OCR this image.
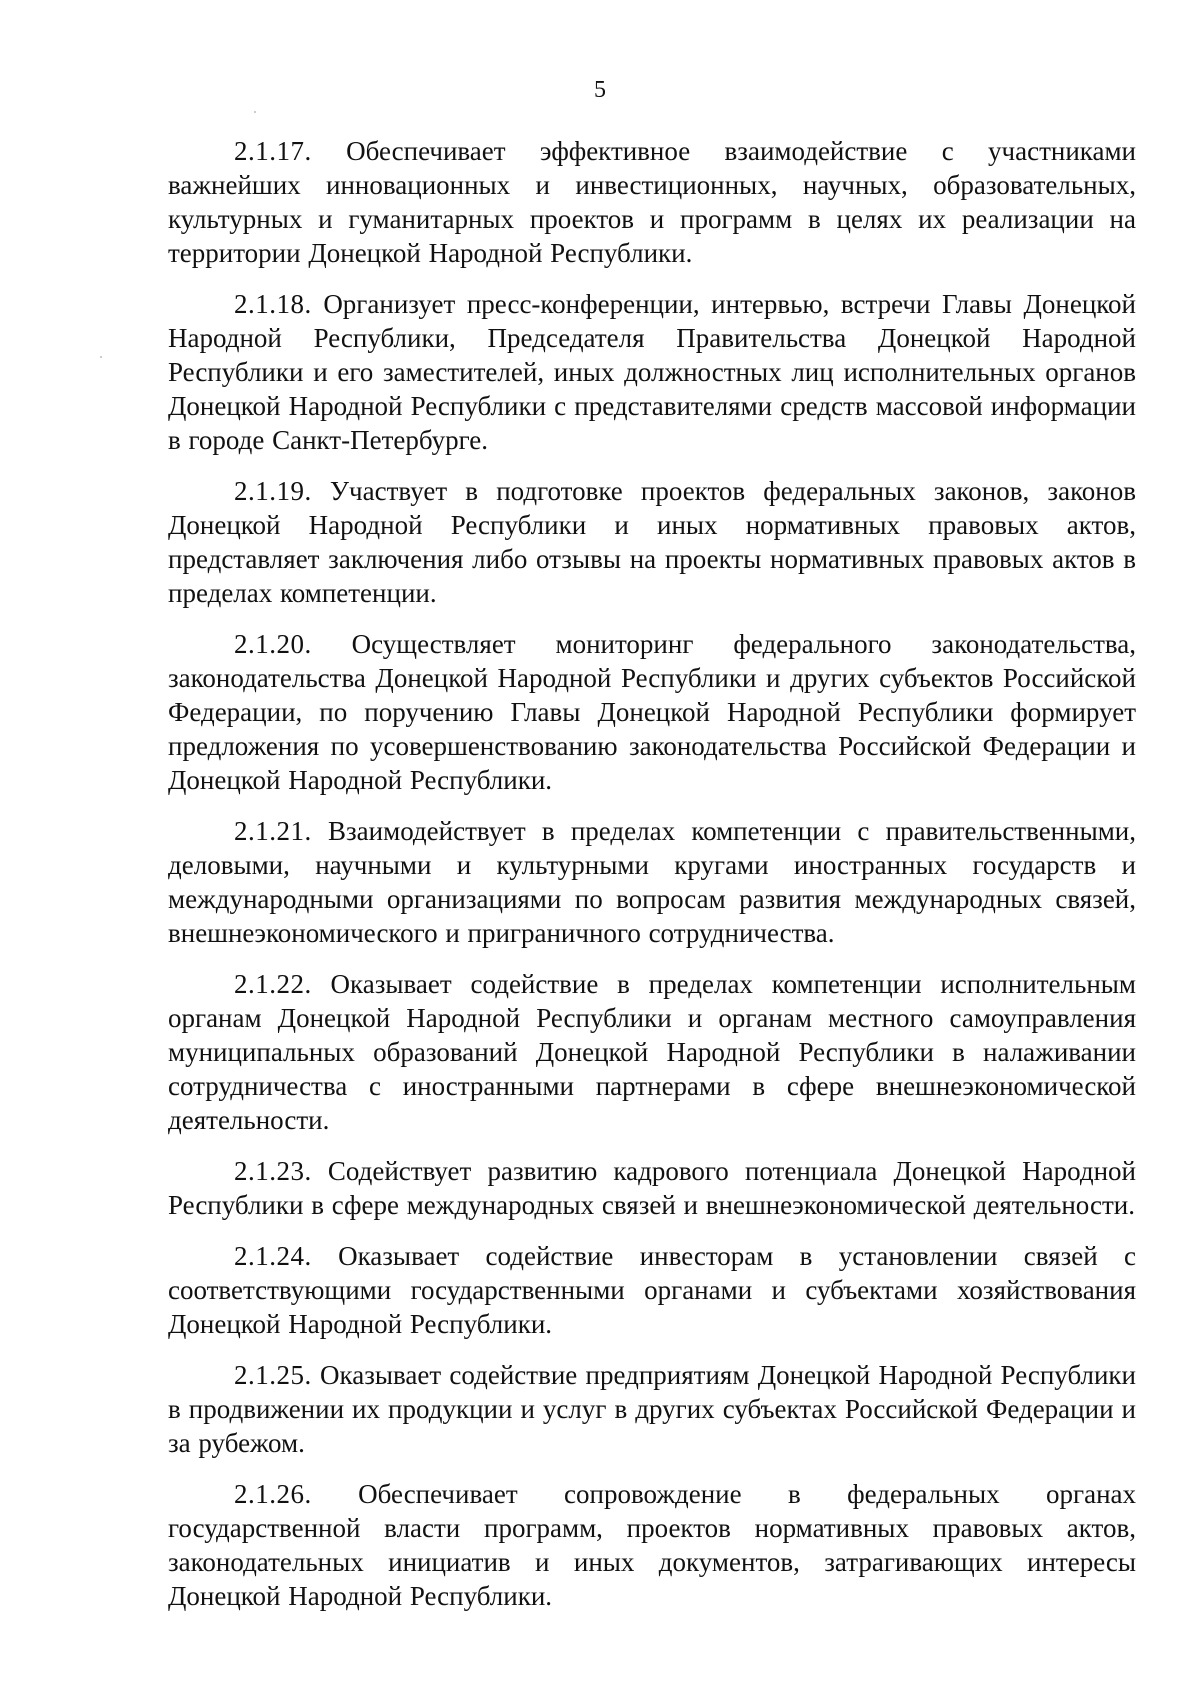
5

2.1.17. Обеспечивает эффективное взаимодействие с участниками важнейших инновационных и инвестиционных, научных, образовательных, культурных и гуманитарных проектов и программ в целях их реализации на территории Донецкой Народной Республики.

2.1.18. Организует пресс-конференции, интервью, встречи Главы Донецкой Народной Республики, Председателя Правительства Донецкой Народной Республики и его заместителей, иных должностных лиц исполнительных органов Донецкой Народной Республики с представителями средств массовой информации в городе Санкт-Петербурге.

2.1.19. Участвует в подготовке проектов федеральных законов, законов Донецкой Народной Республики и иных нормативных правовых актов, представляет заключения либо отзывы на проекты нормативных правовых актов в пределах компетенции.

2.1.20. Осуществляет мониторинг федерального законодательства, законодательства Донецкой Народной Республики и других субъектов Российской Федерации, по поручению Главы Донецкой Народной Республики формирует предложения по усовершенствованию законодательства Российской Федерации и Донецкой Народной Республики.

2.1.21. Взаимодействует в пределах компетенции с правительственными, деловыми, научными и культурными кругами иностранных государств и международными организациями по вопросам развития международных связей, внешнеэкономического и приграничного сотрудничества.

2.1.22. Оказывает содействие в пределах компетенции исполнительным органам Донецкой Народной Республики и органам местного самоуправления муниципальных образований Донецкой Народной Республики в налаживании сотрудничества с иностранными партнерами в сфере внешнеэкономической деятельности.

2.1.23. Содействует развитию кадрового потенциала Донецкой Народной Республики в сфере международных связей и внешнеэкономической деятельности.

2.1.24. Оказывает содействие инвесторам в установлении связей с соответствующими государственными органами и субъектами хозяйствования Донецкой Народной Республики.

2.1.25. Оказывает содействие предприятиям Донецкой Народной Республики в продвижении их продукции и услуг в других субъектах Российской Федерации и за рубежом.

2.1.26. Обеспечивает сопровождение в федеральных органах государственной власти программ, проектов нормативных правовых актов, законодательных инициатив и иных документов, затрагивающих интересы Донецкой Народной Республики.
